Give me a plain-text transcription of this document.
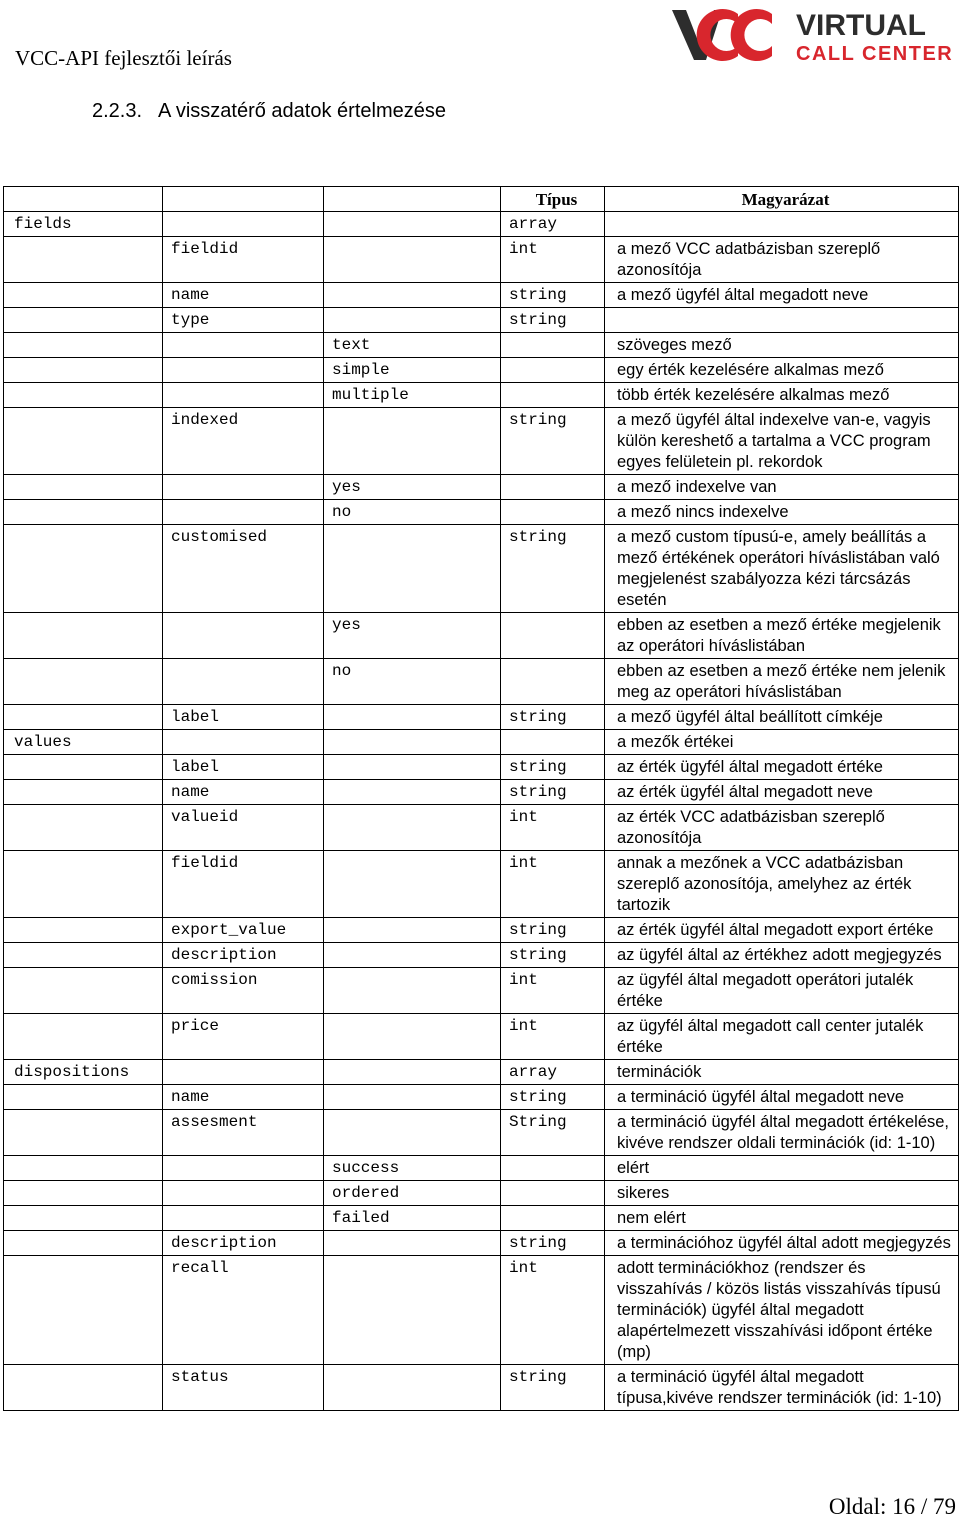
VCC-API fejlesztői leírás
VIRTUAL
CALL CENTER
2.2.3. A visszatérő adatok értelmezése
			Típus	Magyarázat
fields			array	
	fieldid		int	a mező VCC adatbázisban szereplő azonosítója
	name		string	a mező ügyfél által megadott neve
	type		string	
		text		szöveges mező
		simple		egy érték kezelésére alkalmas mező
		multiple		több érték kezelésére alkalmas mező
	indexed		string	a mező ügyfél által indexelve van-e, vagyis külön kereshető a tartalma a VCC program egyes felületein pl. rekordok
		yes		a mező indexelve van
		no		a mező nincs indexelve
	customised		string	a mező custom típusú-e, amely beállítás a mező értékének operátori híváslistában való megjelenést szabályozza kézi tárcsázás esetén
		yes		ebben az esetben a mező értéke megjelenik az operátori híváslistában
		no		ebben az esetben a mező értéke nem jelenik meg az operátori híváslistában
	label		string	a mező ügyfél által beállított címkéje
values				a mezők értékei
	label		string	az érték ügyfél által megadott értéke
	name		string	az érték ügyfél által megadott neve
	valueid		int	az érték VCC adatbázisban szereplő azonosítója
	fieldid		int	annak a mezőnek a VCC adatbázisban szereplő azonosítója, amelyhez az érték tartozik
	export_value		string	az érték ügyfél által megadott export értéke
	description		string	az ügyfél által az értékhez adott megjegyzés
	comission		int	az ügyfél által megadott operátori jutalék értéke
	price		int	az ügyfél által megadott call center jutalék értéke
dispositions			array	terminációk
	name		string	a termináció ügyfél által megadott neve
	assesment		String	a termináció ügyfél által megadott értékelése, kivéve rendszer oldali terminációk (id: 1-10)
		success		elért
		ordered		sikeres
		failed		nem elért
	description		string	a terminációhoz ügyfél által adott megjegyzés
	recall		int	adott terminációkhoz (rendszer és visszahívás / közös listás visszahívás típusú terminációk) ügyfél által megadott alapértelmezett visszahívási időpont értéke (mp)
	status		string	a termináció ügyfél által megadott típusa,kivéve rendszer terminációk (id: 1-10)
Oldal: 16 / 79
